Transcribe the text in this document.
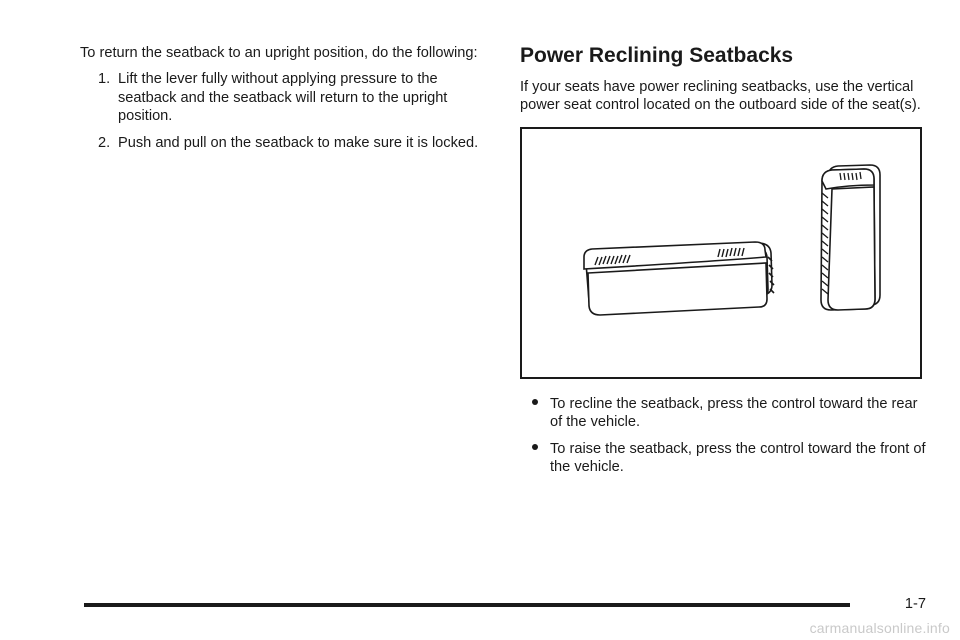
To return the seatback to an upright position, do the following:

1. Lift the lever fully without applying pressure to the seatback and the seatback will return to the upright position.
2. Push and pull on the seatback to make sure it is locked.
Power Reclining Seatbacks

If your seats have power reclining seatbacks, use the vertical power seat control located on the outboard side of the seat(s).

To recline the seatback, press the control toward the rear of the vehicle.
To raise the seatback, press the control toward the front of the vehicle.
1-7
carmanualsonline.info
